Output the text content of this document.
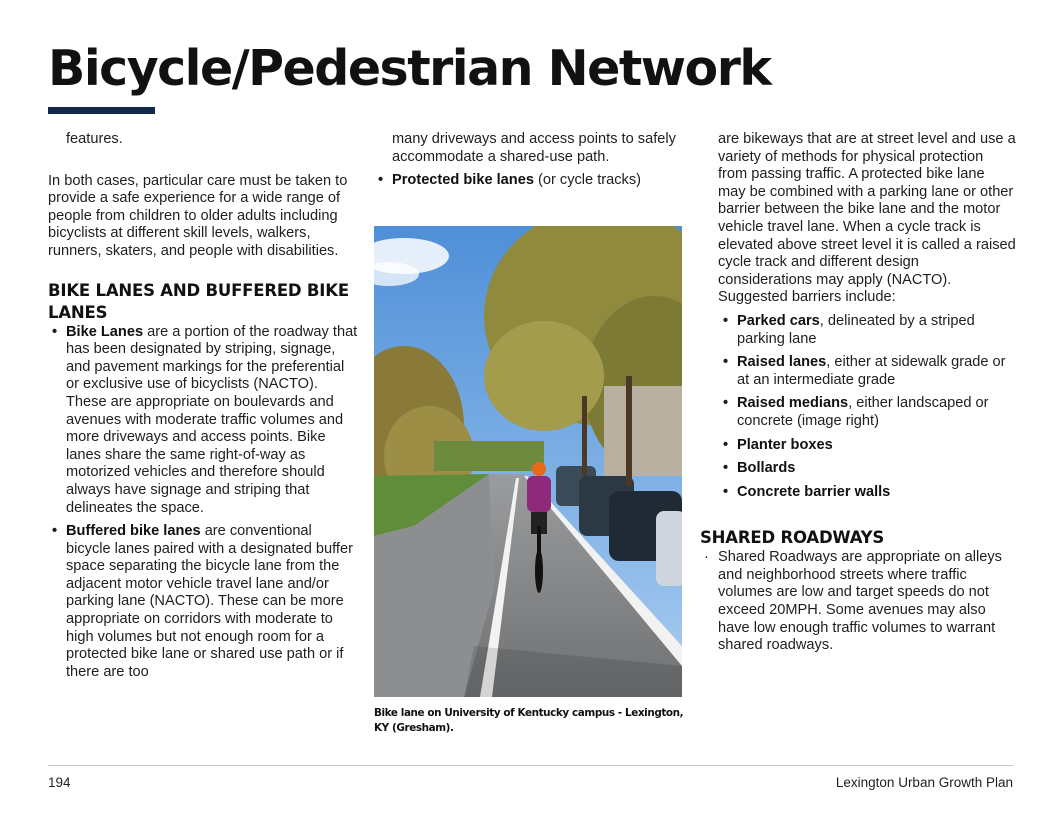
Bicycle/Pedestrian Network

features.

In both cases, particular care must be taken to provide a safe experience for a wide range of people from children to older adults including bicyclists at different skill levels, walkers, runners, skaters, and people with disabilities.

BIKE LANES AND BUFFERED BIKE LANES
• Bike Lanes are a portion of the roadway that has been designated by striping, signage, and pavement markings for the preferential or exclusive use of bicyclists (NACTO). These are appropriate on boulevards and avenues with moderate traffic volumes and more driveways and access points. Bike lanes share the same right-of-way as motorized vehicles and therefore should always have signage and striping that delineates the space.
• Buffered bike lanes are conventional bicycle lanes paired with a designated buffer space separating the bicycle lane from the adjacent motor vehicle travel lane and/or parking lane (NACTO). These can be more appropriate on corridors with moderate to high volumes but not enough room for a protected bike lane or shared use path or if there are too

many driveways and access points to safely accommodate a shared-use path.

• Protected bike lanes (or cycle tracks)
Bike lane on University of Kentucky campus - Lexington, KY (Gresham).

are bikeways that are at street level and use a variety of methods for physical protection from passing traffic. A protected bike lane may be combined with a parking lane or other barrier between the bike lane and the motor vehicle travel lane. When a cycle track is elevated above street level it is called a raised cycle track and different design considerations may apply (NACTO). Suggested barriers include:

• Parked cars, delineated by a striped parking lane
• Raised lanes, either at sidewalk grade or at an intermediate grade
• Raised medians, either landscaped or concrete (image right)
• Planter boxes
• Bollards
• Concrete barrier walls
SHARED ROADWAYS
· Shared Roadways are appropriate on alleys and neighborhood streets where traffic volumes are low and target speeds do not exceed 20MPH. Some avenues may also have low enough traffic volumes to warrant shared roadways.
194	Lexington Urban Growth Plan
